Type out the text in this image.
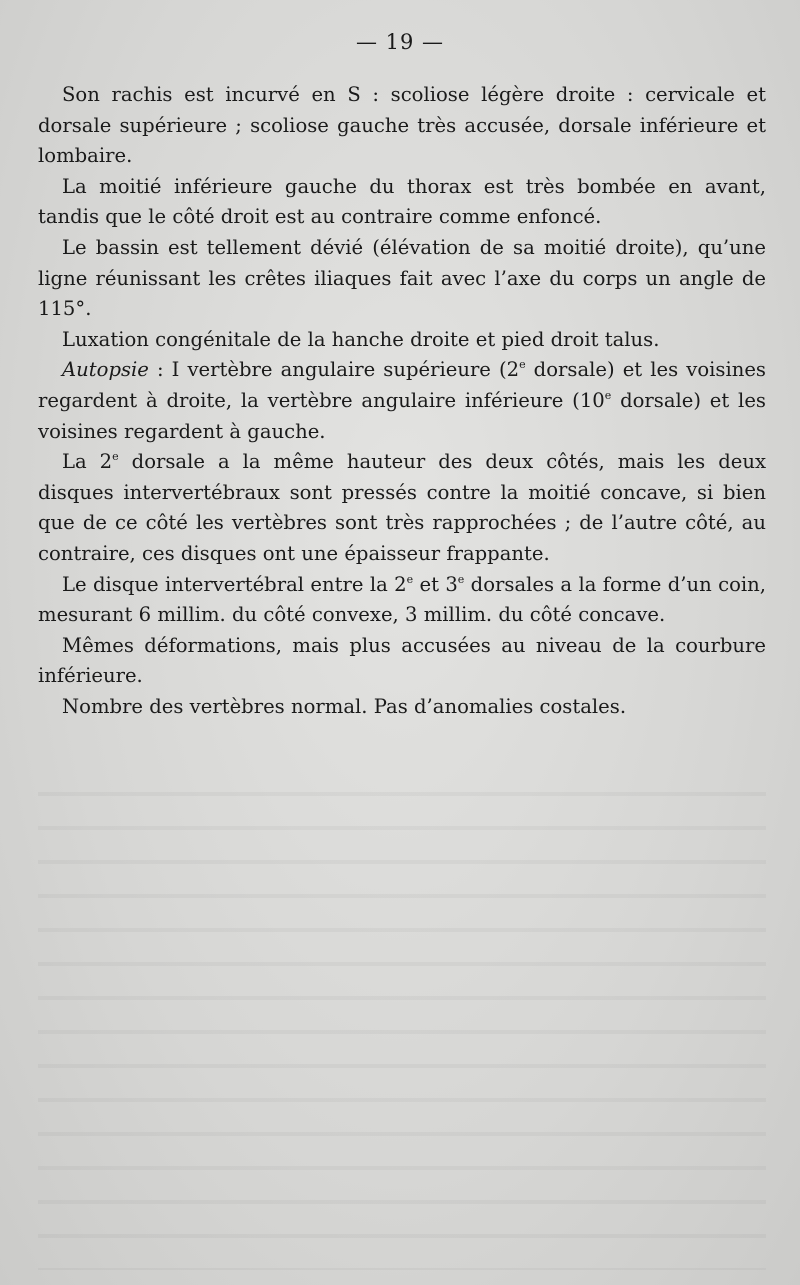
— 19 —

Son rachis est incurvé en S : scoliose légère droite : cervicale et dorsale supérieure ; scoliose gauche très accusée, dorsale inférieure et lombaire.

La moitié inférieure gauche du thorax est très bombée en avant, tandis que le côté droit est au contraire comme enfoncé.

Le bassin est tellement dévié (élévation de sa moitié droite), qu’une ligne réunissant les crêtes iliaques fait avec l’axe du corps un angle de 115°.

Luxation congénitale de la hanche droite et pied droit talus.

Autopsie : I vertèbre angulaire supérieure (2e dorsale) et les voisines regardent à droite, la vertèbre angulaire inférieure (10e dorsale) et les voisines regardent à gauche.

La 2e dorsale a la même hauteur des deux côtés, mais les deux disques intervertébraux sont pressés contre la moitié concave, si bien que de ce côté les vertèbres sont très rapprochées ; de l’autre côté, au contraire, ces disques ont une épaisseur frappante.

Le disque intervertébral entre la 2e et 3e dorsales a la forme d’un coin, mesurant 6 millim. du côté convexe, 3 millim. du côté concave.

Mêmes déformations, mais plus accusées au niveau de la courbure inférieure.

Nombre des vertèbres normal. Pas d’anomalies costales.
